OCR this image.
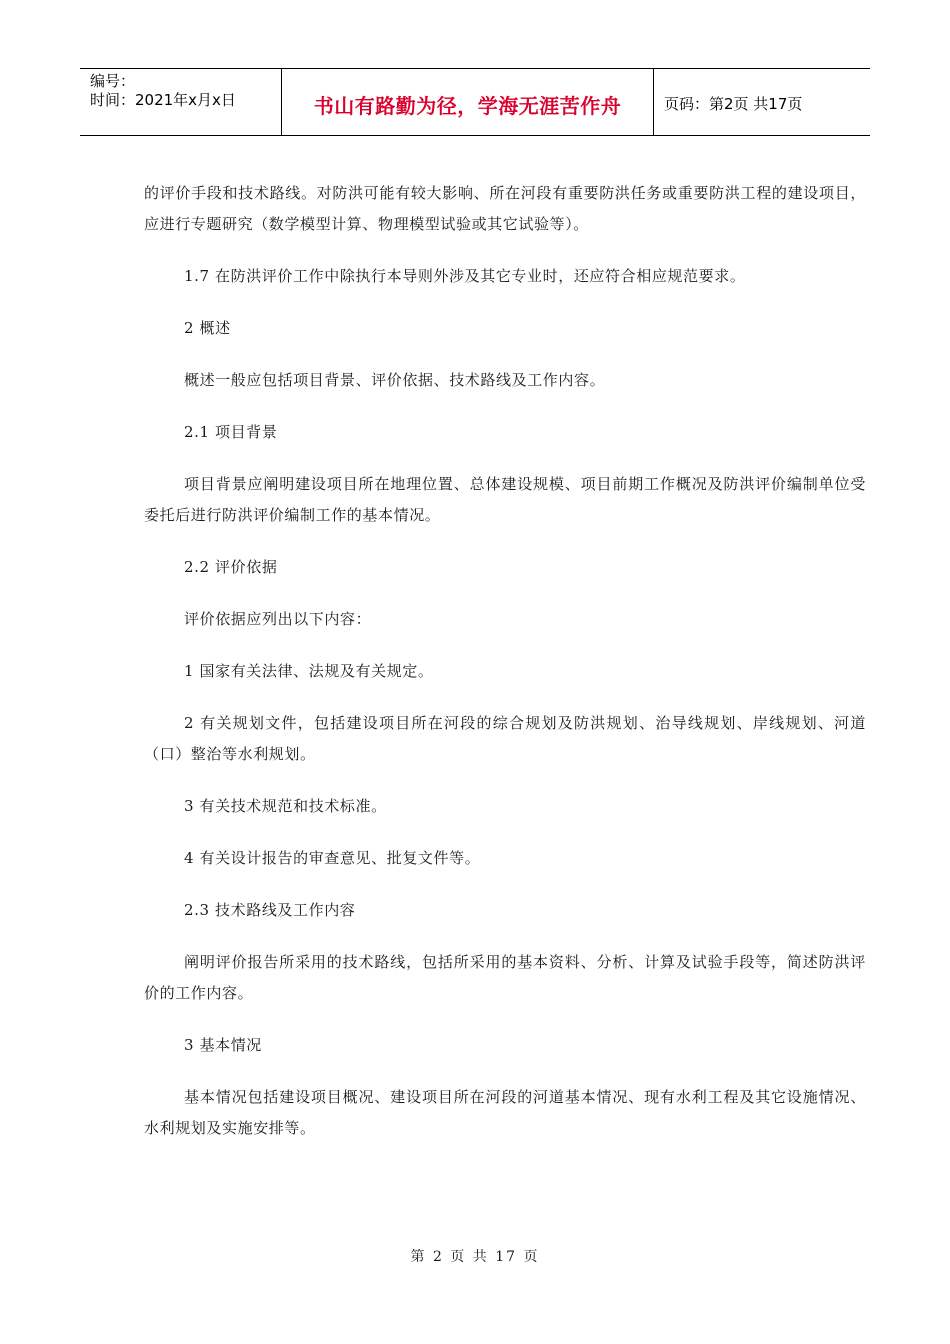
编号：
时间：2021年x月x日	书山有路勤为径，学海无涯苦作舟	页码：第2页 共17页

的评价手段和技术路线。对防洪可能有较大影响、所在河段有重要防洪任务或重要防洪工程的建设项目，应进行专题研究（数学模型计算、物理模型试验或其它试验等）。

1.7 在防洪评价工作中除执行本导则外涉及其它专业时，还应符合相应规范要求。

2 概述

概述一般应包括项目背景、评价依据、技术路线及工作内容。

2.1 项目背景

项目背景应阐明建设项目所在地理位置、总体建设规模、项目前期工作概况及防洪评价编制单位受委托后进行防洪评价编制工作的基本情况。

2.2 评价依据

评价依据应列出以下内容：

1 国家有关法律、法规及有关规定。

2 有关规划文件，包括建设项目所在河段的综合规划及防洪规划、治导线规划、岸线规划、河道（口）整治等水利规划。

3 有关技术规范和技术标准。

4 有关设计报告的审查意见、批复文件等。

2.3 技术路线及工作内容

阐明评价报告所采用的技术路线，包括所采用的基本资料、分析、计算及试验手段等，简述防洪评价的工作内容。

3 基本情况

基本情况包括建设项目概况、建设项目所在河段的河道基本情况、现有水利工程及其它设施情况、水利规划及实施安排等。

第 2 页 共 17 页
